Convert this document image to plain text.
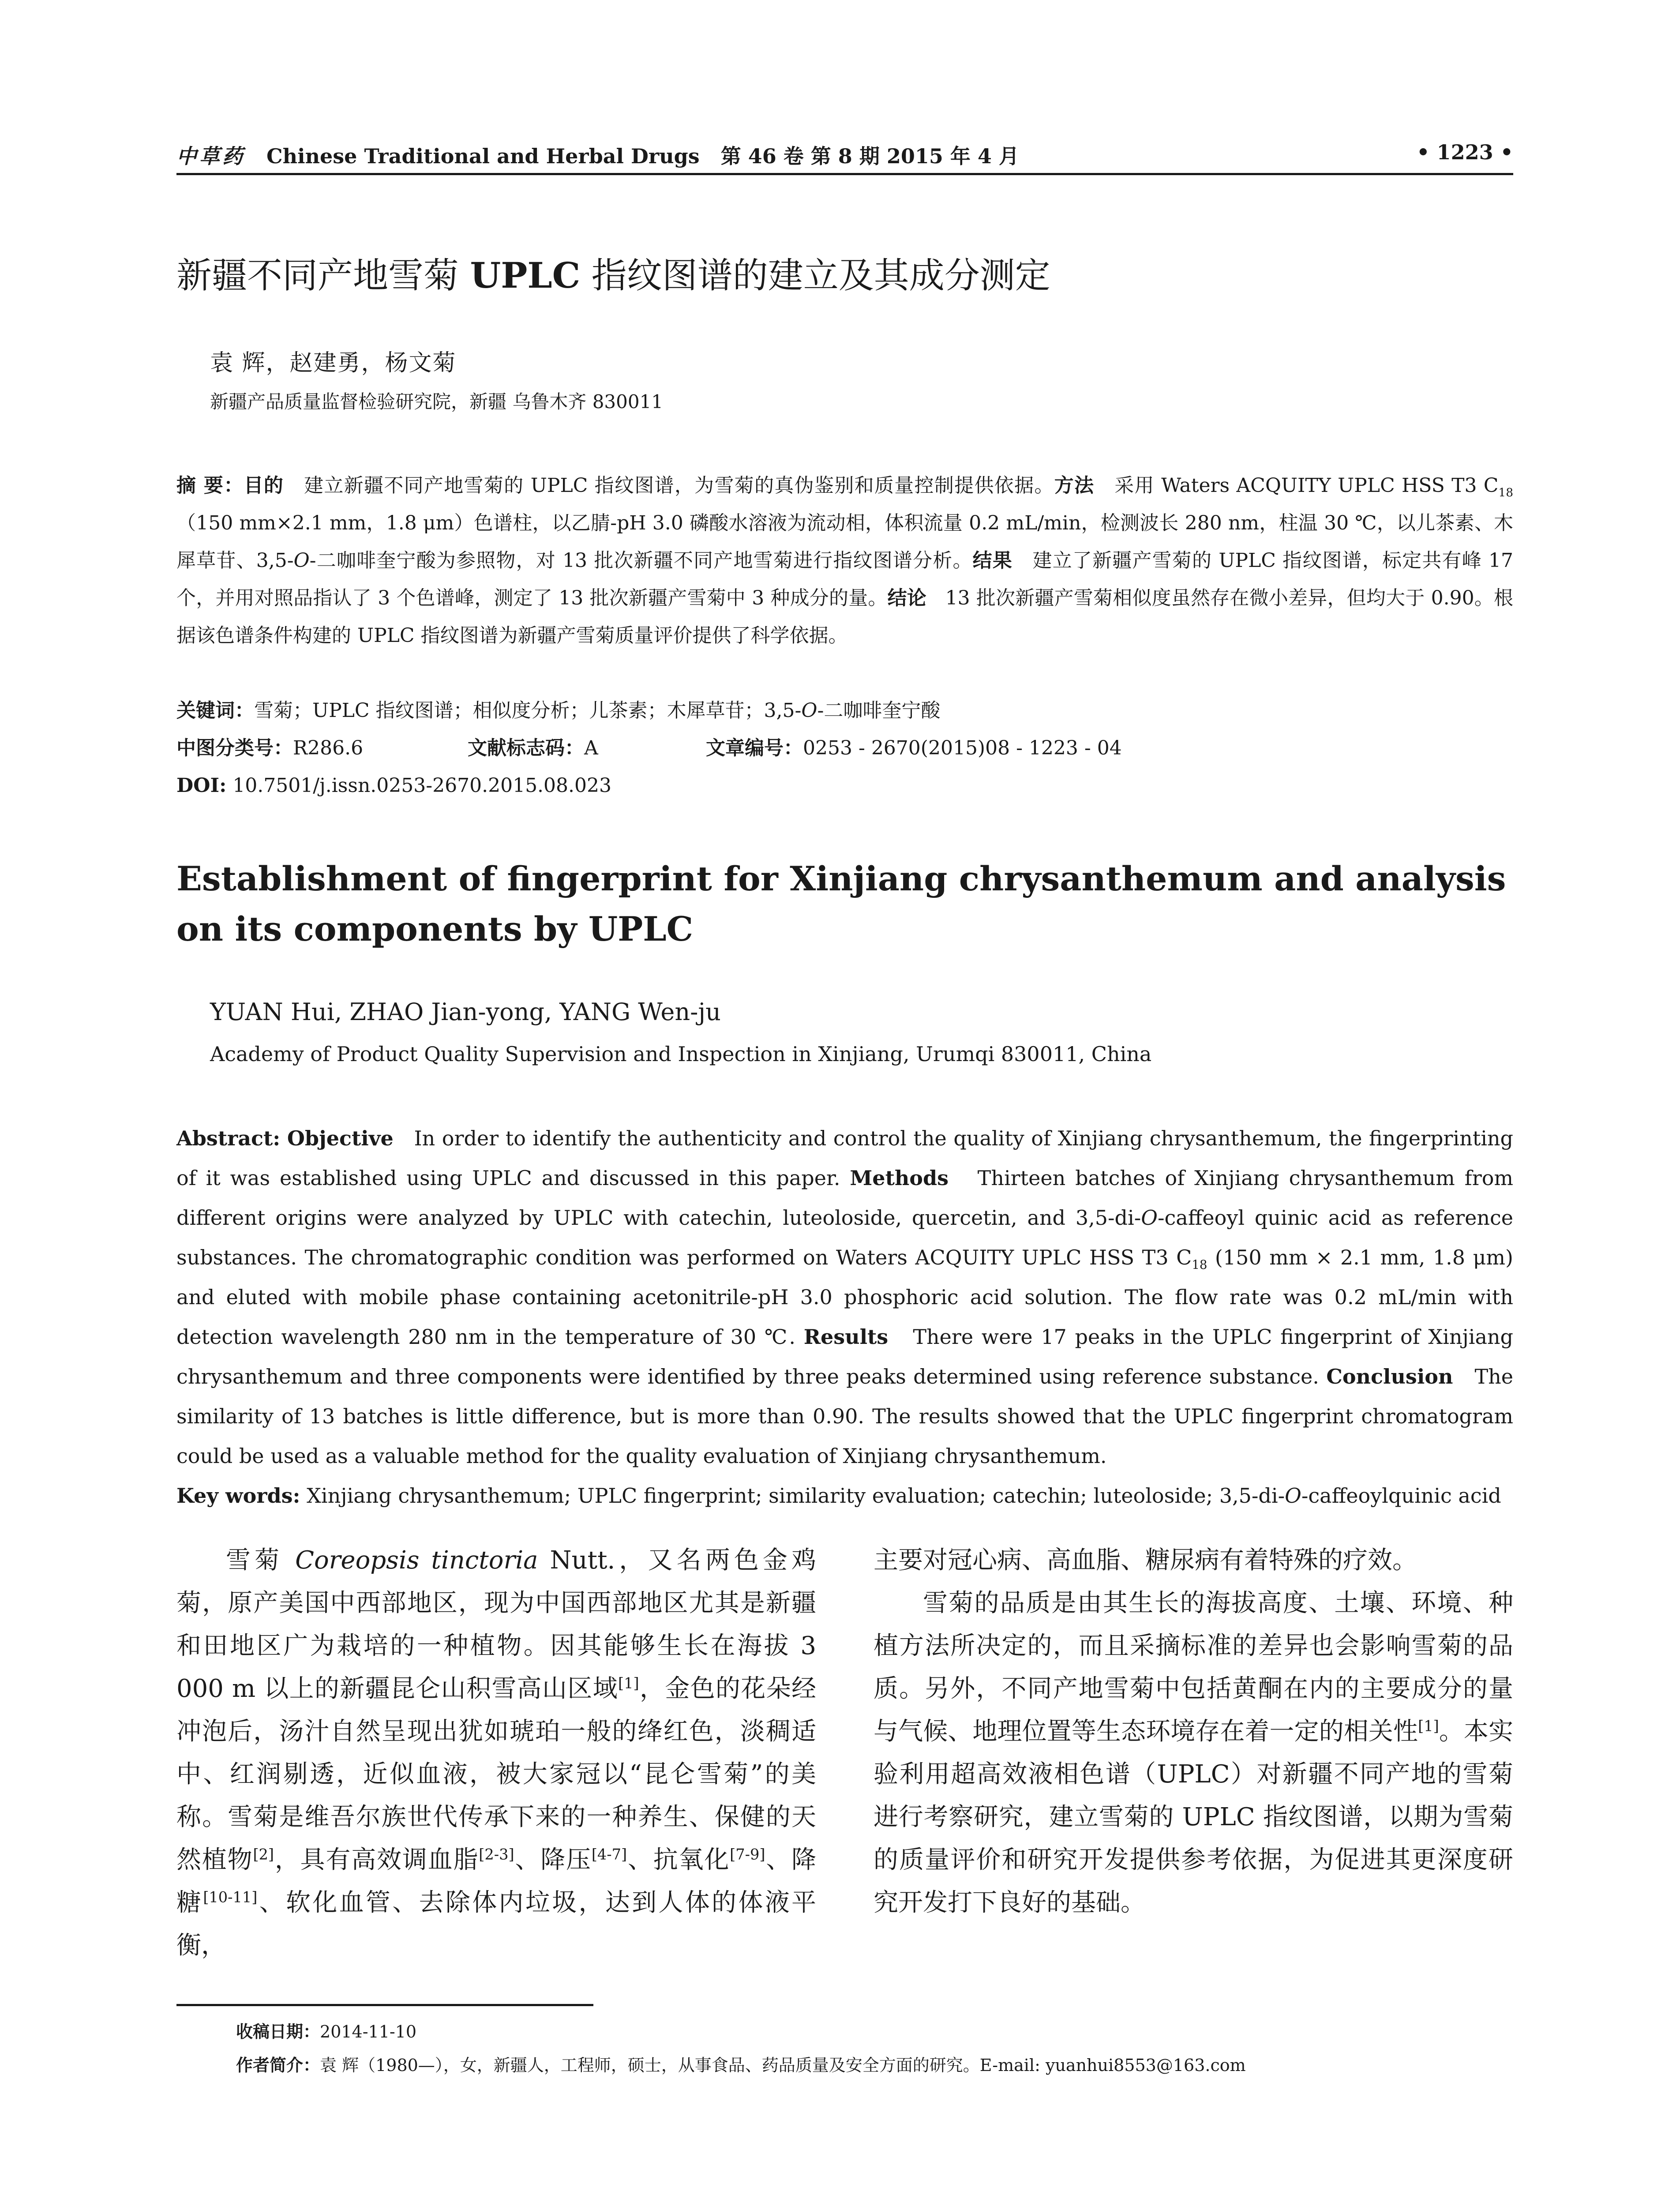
中草药 Chinese Traditional and Herbal Drugs 第 46 卷 第 8 期 2015 年 4 月	• 1223 •
新疆不同产地雪菊 UPLC 指纹图谱的建立及其成分测定
袁 辉，赵建勇，杨文菊
新疆产品质量监督检验研究院，新疆 乌鲁木齐 830011

摘 要：目的 建立新疆不同产地雪菊的 UPLC 指纹图谱，为雪菊的真伪鉴别和质量控制提供依据。方法 采用 Waters ACQUITY UPLC HSS T3 $C_{18}(150$ mm×2.1 mm，1.8 μm）色谱柱，以乙腈-pH 3.0 磷酸水溶液为流动相，体积流量 0.2 mL/min，检测波长 280 nm，柱温 30 ℃，以儿茶素、木犀草苷、3,5-O-二咖啡奎宁酸为参照物，对 13 批次新疆不同产地雪菊进行指纹图谱分析。结果 建立了新疆产雪菊的 UPLC 指纹图谱，标定共有峰 17 个，并用对照品指认了 3 个色谱峰，测定了 13 批次新疆产雪菊中 3 种成分的量。结论 13 批次新疆产雪菊相似度虽然存在微小差异，但均大于 0.90。根据该色谱条件构建的 UPLC 指纹图谱为新疆产雪菊质量评价提供了科学依据。

关键词：雪菊；UPLC 指纹图谱；相似度分析；儿茶素；木犀草苷；3,5-O-二咖啡奎宁酸
中图分类号：R286.6	文献标志码：A	文章编号：0253 - 2670(2015)08 - 1223 - 04
DOI: 10.7501/j.issn.0253-2670.2015.08.023
Establishment of fingerprint for Xinjiang chrysanthemum and analysis on its components by UPLC
YUAN Hui, ZHAO Jian-yong, YANG Wen-ju
Academy of Product Quality Supervision and Inspection in Xinjiang, Urumqi 830011, China

Abstract: Objective In order to identify the authenticity and control the quality of Xinjiang chrysanthemum, the fingerprinting of it was established using UPLC and discussed in this paper. Methods Thirteen batches of Xinjiang chrysanthemum from different origins were analyzed by UPLC with catechin, luteoloside, quercetin, and 3,5-di-O-caffeoyl quinic acid as reference substances. The chromatographic condition was performed on Waters ACQUITY UPLC HSS T3 $C_{18}$ (150 mm × 2.1 mm, 1.8 μm) and eluted with mobile phase containing acetonitrile-pH 3.0 phosphoric acid solution. The flow rate was 0.2 mL/min with detection wavelength 280 nm in the temperature of 30 ℃. Results There were 17 peaks in the UPLC fingerprint of Xinjiang chrysanthemum and three components were identified by three peaks determined using reference substance. Conclusion The similarity of 13 batches is little difference, but is more than 0.90. The results showed that the UPLC fingerprint chromatogram could be used as a valuable method for the quality evaluation of Xinjiang chrysanthemum.

Key words: Xinjiang chrysanthemum; UPLC fingerprint; similarity evaluation; catechin; luteoloside; 3,5-di-O-caffeoylquinic acid

雪菊 Coreopsis tinctoria Nutt.，又名两色金鸡菊，原产美国中西部地区，现为中国西部地区尤其是新疆和田地区广为栽培的一种植物。因其能够生长在海拔 3 000 m 以上的新疆昆仑山积雪高山区域[1]，金色的花朵经冲泡后，汤汁自然呈现出犹如琥珀一般的绛红色，淡稠适中、红润剔透，近似血液，被大家冠以“昆仑雪菊”的美称。雪菊是维吾尔族世代传承下来的一种养生、保健的天然植物[2]，具有高效调血脂[2-3]、降压[4-7]、抗氧化[7-9]、降糖[10-11]、软化血管、去除体内垃圾，达到人体的体液平衡，

主要对冠心病、高血脂、糖尿病有着特殊的疗效。

雪菊的品质是由其生长的海拔高度、土壤、环境、种植方法所决定的，而且采摘标准的差异也会影响雪菊的品质。另外，不同产地雪菊中包括黄酮在内的主要成分的量与气候、地理位置等生态环境存在着一定的相关性[1]。本实验利用超高效液相色谱（UPLC）对新疆不同产地的雪菊进行考察研究，建立雪菊的 UPLC 指纹图谱，以期为雪菊的质量评价和研究开发提供参考依据，为促进其更深度研究开发打下良好的基础。

收稿日期：2014-11-10
作者简介：袁 辉（1980—），女，新疆人，工程师，硕士，从事食品、药品质量及安全方面的研究。E-mail: yuanhui8553@163.com
